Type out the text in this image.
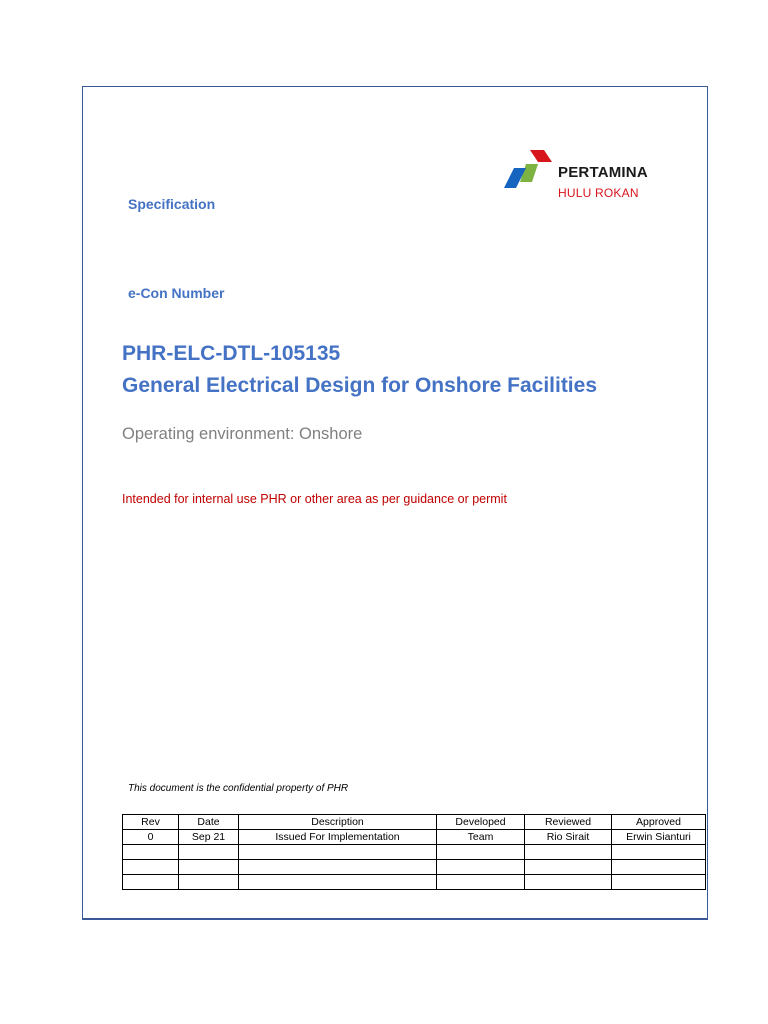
PERTAMINA
HULU ROKAN
Specification
e-Con Number
PHR-ELC-DTL-105135
General Electrical Design for Onshore Facilities
Operating environment: Onshore
Intended for internal use PHR or other area as per guidance or permit
This document is the confidential property of PHR
Rev	Date	Description	Developed	Reviewed	Approved
0	Sep 21	Issued For Implementation	Team	Rio Sirait	Erwin Sianturi
